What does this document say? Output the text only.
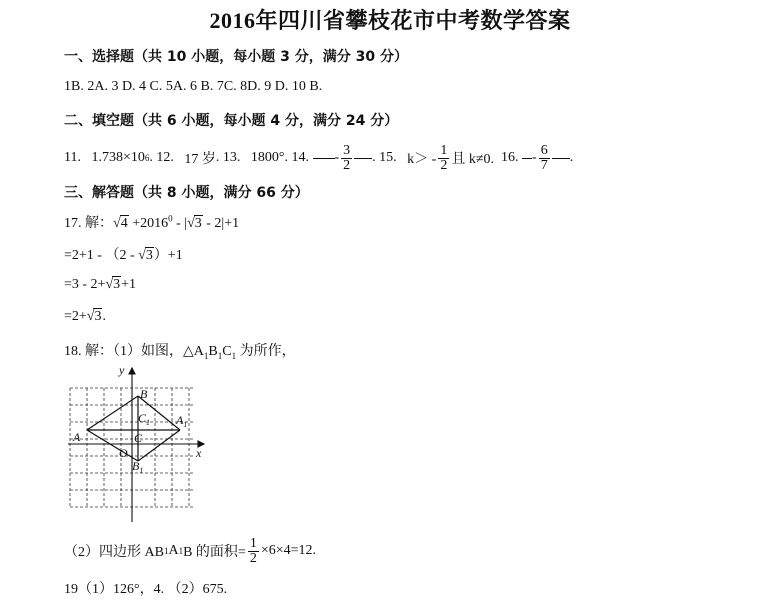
2016年四川省攀枝花市中考数学答案
一、选择题（共 10 小题，每小题 3 分，满分 30 分）
1B. 2A. 3 D. 4 C. 5A. 6 B. 7C. 8D. 9 D. 10 B.
二、填空题（共 6 小题，每小题 4 分，满分 24 分）
11.
1.738×10 6 . 12.
17 岁 . 13.
1800° . 14.
- $\frac{3}{2}$ . 15.
$k> - \frac{1}{2}$ 且 k≠0.
16.
- $\frac{6}{7}$ .
三、解答题（共 8 小题，满分 66 分）
17. 解：$√4 +2016^0 - |√3 - 2|+1$
=2+1 - （2 - √3）+1
=3 - 2+√3+1
=2+√3.
18. 解：（1）如图，$\triangle A_1B_1C_1$ 为所作，
y
x
O
A
B
C
$C_1$ $A_1$
$B_1$
（2）四边形 AB 1 A 1 B 的面积= $\frac{1}{2} \times 6\times 4=12$.
19（1）126°，4. （2）675.
